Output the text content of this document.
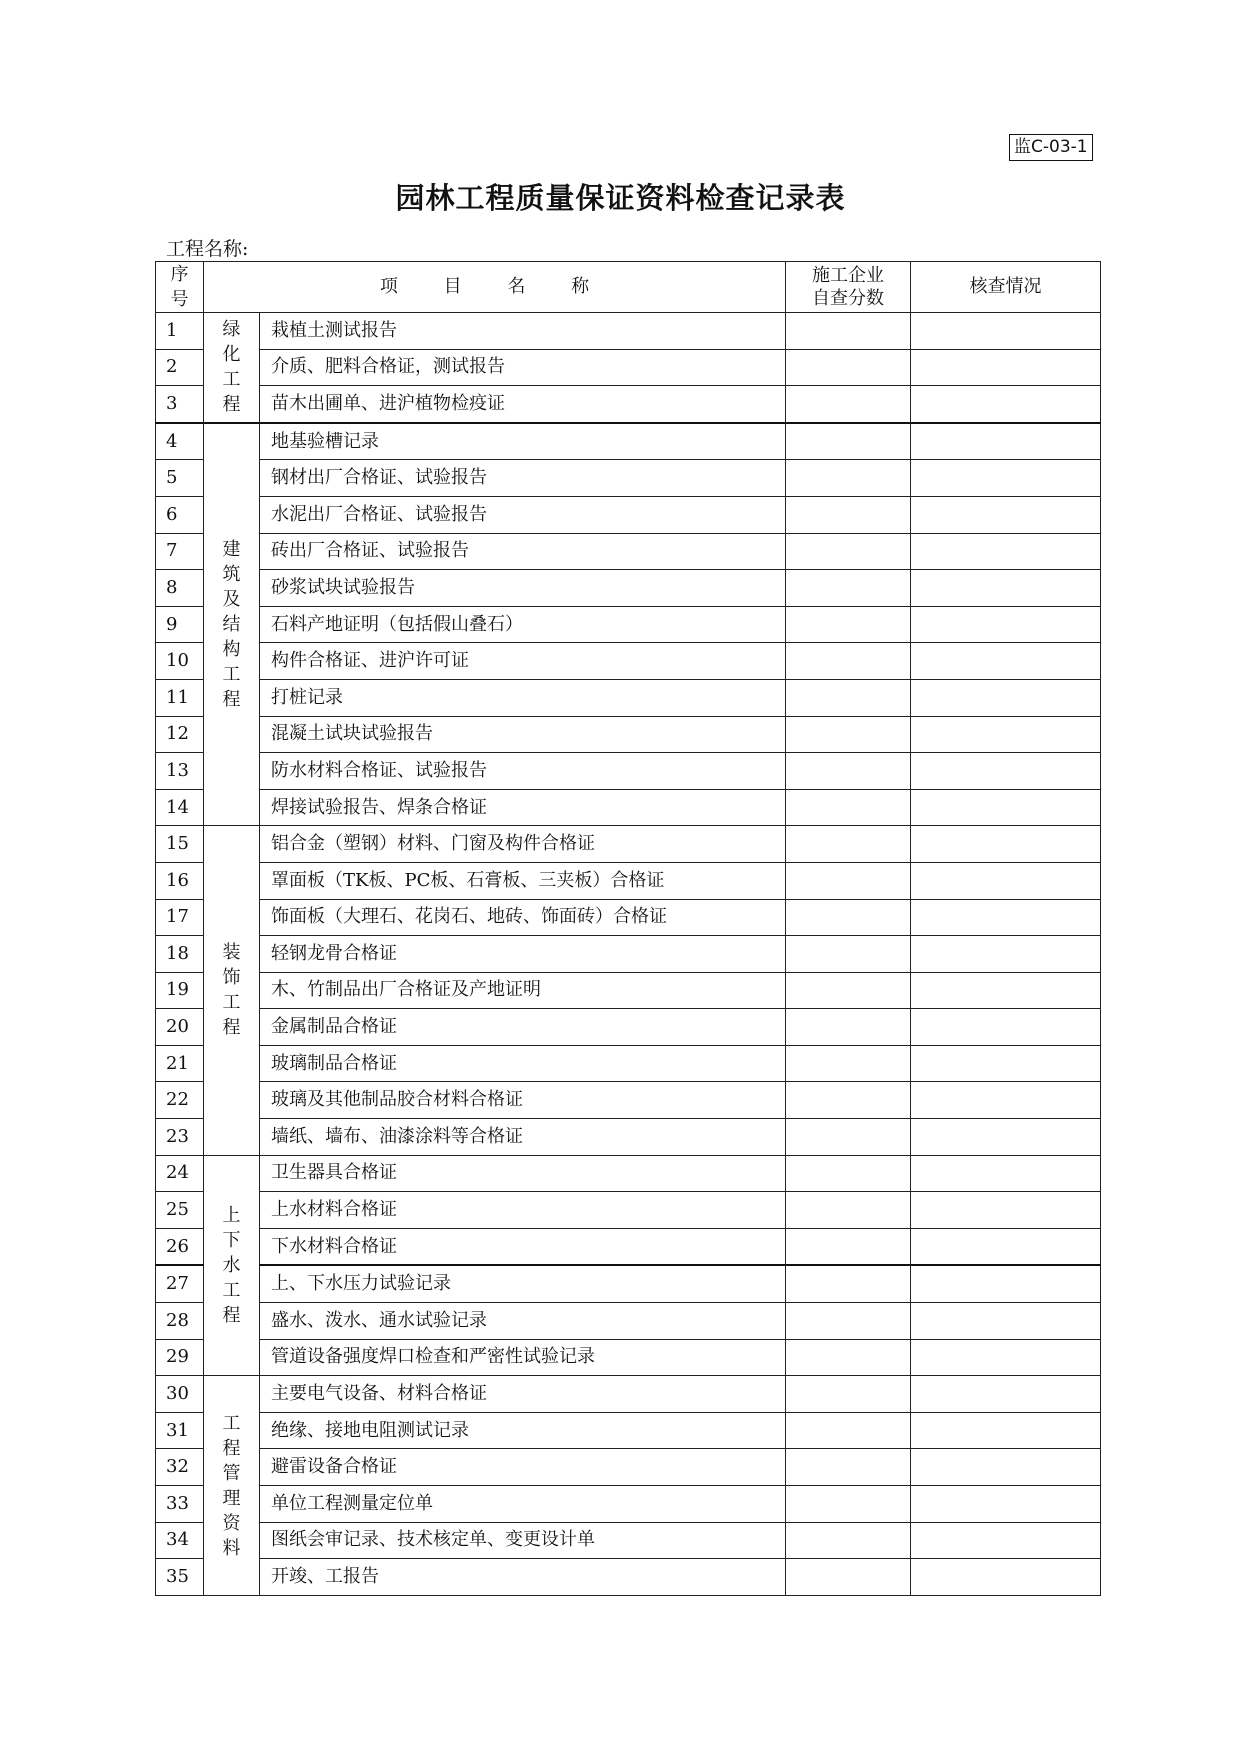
监C-03-1
园林工程质量保证资料检查记录表
工程名称:
序号	项 目 名 称		施工企业自查分数	核查情况
1	绿化工程	栽植土测试报告		
2		介质、肥料合格证，测试报告		
3		苗木出圃单、进沪植物检疫证		
4	建筑及结构工程	地基验槽记录		
5		钢材出厂合格证、试验报告		
6		水泥出厂合格证、试验报告		
7		砖出厂合格证、试验报告		
8		砂浆试块试验报告		
9		石料产地证明（包括假山叠石）		
10		构件合格证、进沪许可证		
11		打桩记录		
12		混凝土试块试验报告		
13		防水材料合格证、试验报告		
14		焊接试验报告、焊条合格证		
15	装饰工程	铝合金（塑钢）材料、门窗及构件合格证		
16		罩面板（TK板、PC板、石膏板、三夹板）合格证		
17		饰面板（大理石、花岗石、地砖、饰面砖）合格证		
18		轻钢龙骨合格证		
19		木、竹制品出厂合格证及产地证明		
20		金属制品合格证		
21		玻璃制品合格证		
22		玻璃及其他制品胶合材料合格证		
23		墙纸、墙布、油漆涂料等合格证		
24	上下水工程	卫生器具合格证		
25		上水材料合格证		
26		下水材料合格证		
27		上、下水压力试验记录		
28		盛水、泼水、通水试验记录		
29		管道设备强度焊口检查和严密性试验记录		
30	工程管理资料	主要电气设备、材料合格证		
31		绝缘、接地电阻测试记录		
32		避雷设备合格证		
33		单位工程测量定位单		
34		图纸会审记录、技术核定单、变更设计单		
35		开竣、工报告		
